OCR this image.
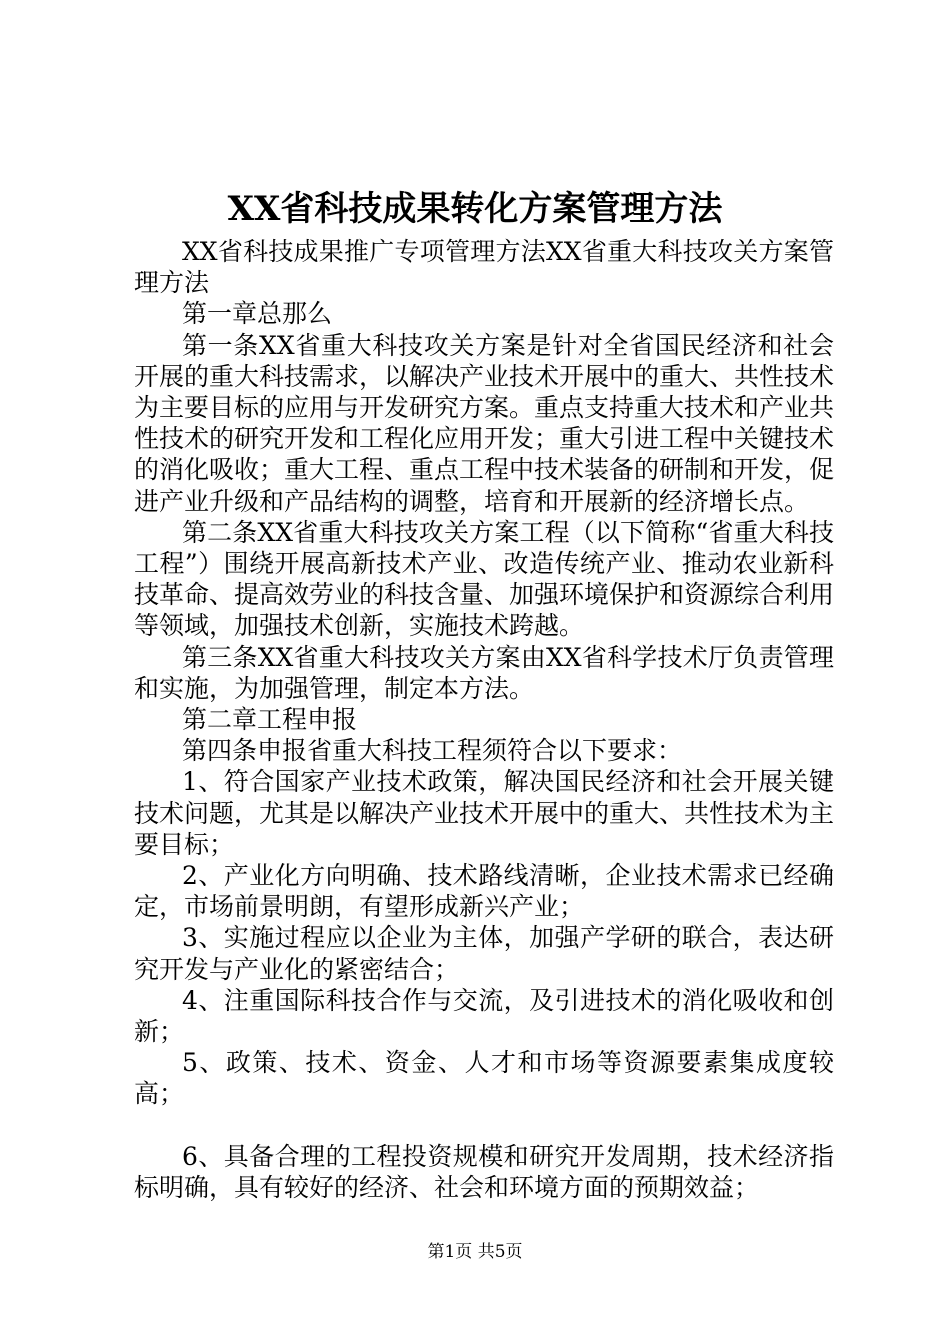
XX省科技成果转化方案管理方法

XX省科技成果推广专项管理方法XX省重大科技攻关方案管理方法

第一章总那么

第一条XX省重大科技攻关方案是针对全省国民经济和社会开展的重大科技需求，以解决产业技术开展中的重大、共性技术为主要目标的应用与开发研究方案。重点支持重大技术和产业共性技术的研究开发和工程化应用开发；重大引进工程中关键技术的消化吸收；重大工程、重点工程中技术装备的研制和开发，促进产业升级和产品结构的调整，培育和开展新的经济增长点。

第二条XX省重大科技攻关方案工程（以下简称“省重大科技工程”）围绕开展高新技术产业、改造传统产业、推动农业新科技革命、提高效劳业的科技含量、加强环境保护和资源综合利用等领域，加强技术创新，实施技术跨越。

第三条XX省重大科技攻关方案由XX省科学技术厅负责管理和实施，为加强管理，制定本方法。

第二章工程申报

第四条申报省重大科技工程须符合以下要求：

1、符合国家产业技术政策，解决国民经济和社会开展关键技术问题，尤其是以解决产业技术开展中的重大、共性技术为主要目标；

2、产业化方向明确、技术路线清晰，企业技术需求已经确定，市场前景明朗，有望形成新兴产业；

3、实施过程应以企业为主体，加强产学研的联合，表达研究开发与产业化的紧密结合；

4、注重国际科技合作与交流，及引进技术的消化吸收和创新；

5、政策、技术、资金、人才和市场等资源要素集成度较高；

6、具备合理的工程投资规模和研究开发周期，技术经济指标明确，具有较好的经济、社会和环境方面的预期效益；

第1页 共5页
